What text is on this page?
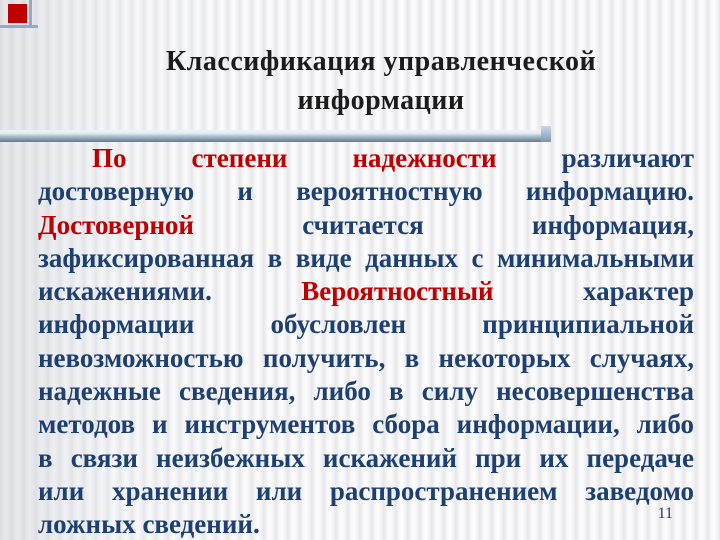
Классификация управленческой
информации
По степени надежности различают
достоверную и вероятностную информацию.
Достоверной считается информация,
зафиксированная в виде данных с минимальными
искажениями. Вероятностный характер
информации обусловлен принципиальной
невозможностью получить, в некоторых случаях,
надежные сведения, либо в силу несовершенства
методов и инструментов сбора информации, либо
в связи неизбежных искажений при их передаче
или хранении или распространением заведомо
ложных сведений.	11
